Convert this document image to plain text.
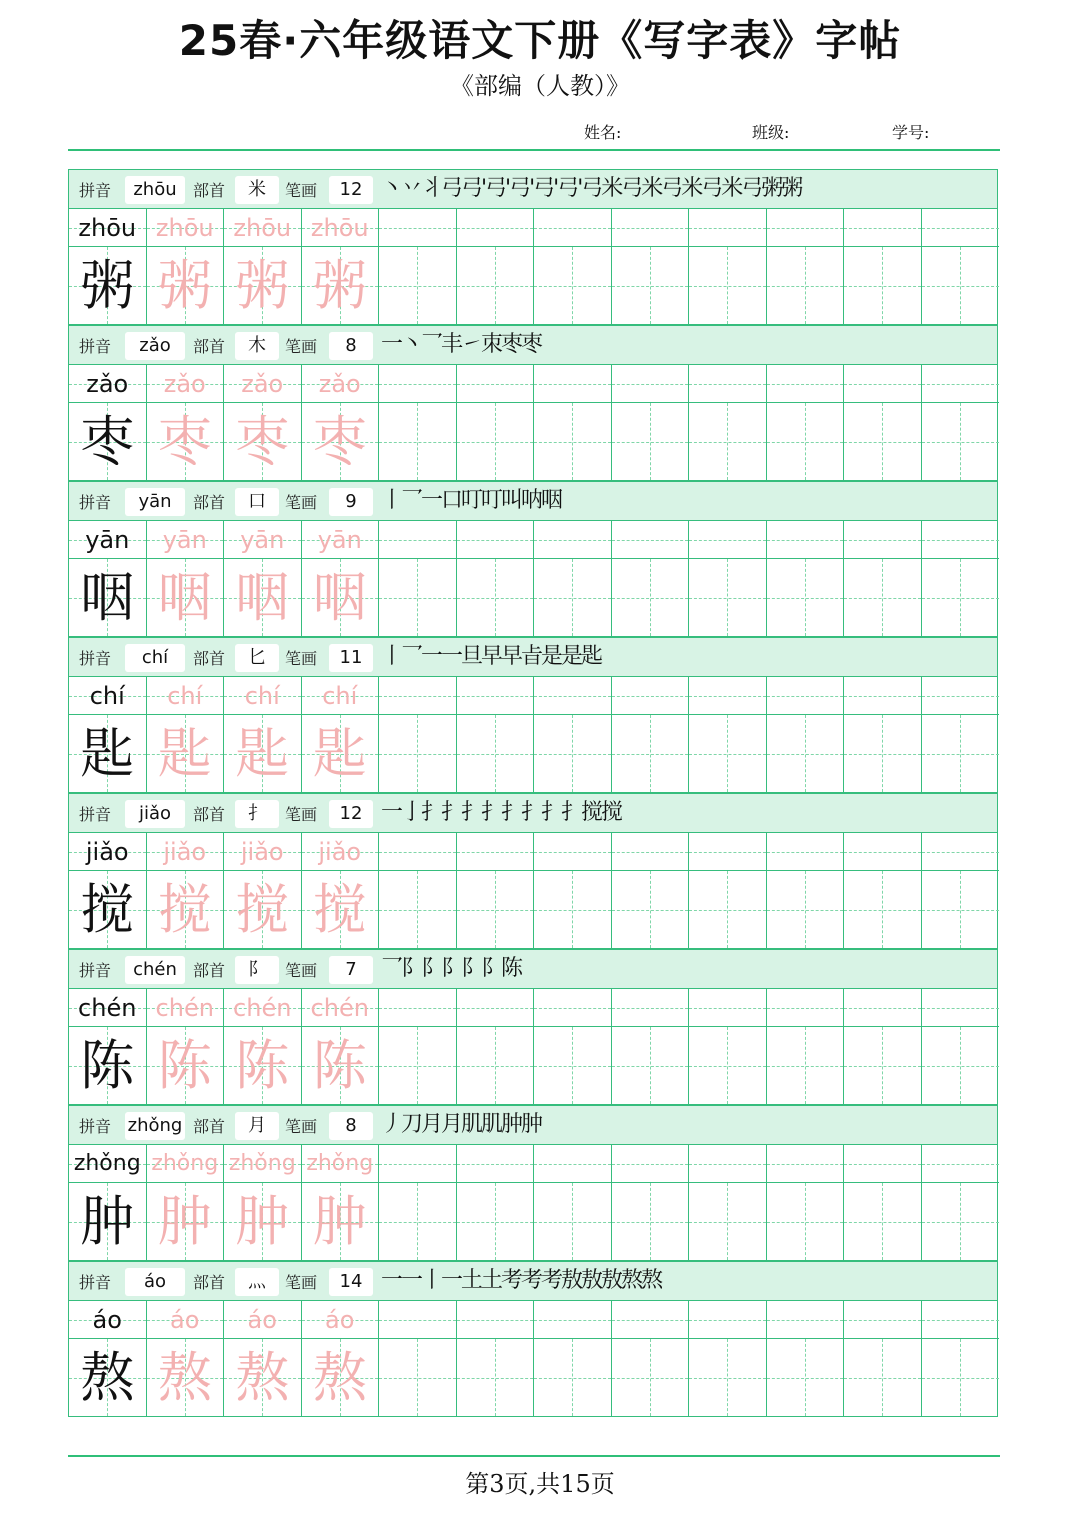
25春·六年级语文下册《写字表》字帖
《部编（人教）》
姓名:	班级:	学号:
拼音	zhōu	部首	米	笔画	12 丶丷丬弓弓'弓'弓'弓'弓'弓米弓米弓米弓米弓粥粥
zhōu zhōu zhōu zhōu
粥 粥 粥 粥
拼音	zǎo	部首	木	笔画	8	一丶乛丰㇀朿枣枣
zǎo	zǎo	zǎo	zǎo
枣 枣 枣 枣
拼音	yān	部首	口	笔画	9	丨乛一口叮叮叫呐咽
yān	yān	yān	yān
咽 咽 咽 咽
拼音	chí	部首	匕	笔画	11 丨乛一一旦早早㫖是是匙
chí	chí	chí	chí
匙 匙 匙 匙
拼音	jiǎo	部首	扌	笔画	12 一亅扌扌扌扌扌扌扌扌搅搅
jiǎo	jiǎo	jiǎo	jiǎo
搅 搅 搅 搅
拼音	chén	部首	阝	笔画	7	乛阝阝阝阝阝陈
chén chén chén chén
陈 陈 陈 陈
拼音 zhǒng 部首	月	笔画	8	丿刀月月肌肌肿肿
zhǒng zhǒng zhǒng zhǒng
肿 肿 肿 肿
拼音	áo	部首	灬	笔画	14 一一丨一土土考考考敖敖敖熬熬
áo	áo	áo	áo
熬 熬 熬 熬
第3页,共15页
